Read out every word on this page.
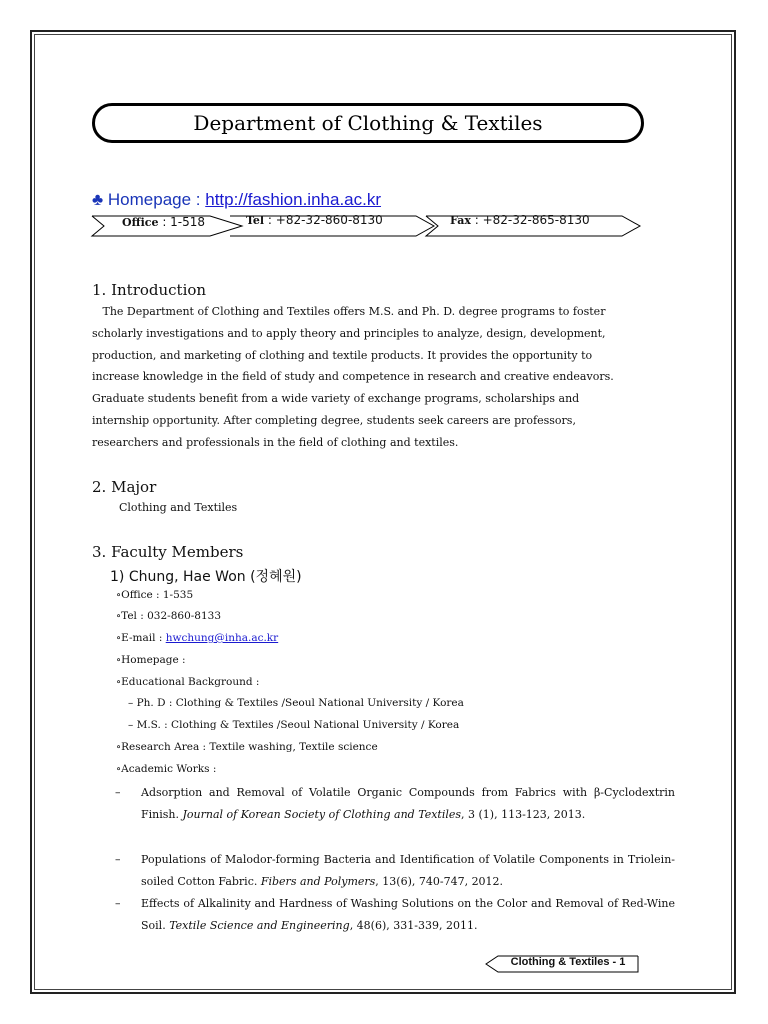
Department of Clothing & Textiles
♣ Homepage : http://fashion.inha.ac.kr
Office : 1-518	Tel : +82-32-860-8130	Fax : +82-32-865-8130
1. Introduction
The Department of Clothing and Textiles offers M.S. and Ph. D. degree programs to foster
scholarly investigations and to apply theory and principles to analyze, design, development,
production, and marketing of clothing and textile products. It provides the opportunity to
increase knowledge in the field of study and competence in research and creative endeavors.
Graduate students benefit from a wide variety of exchange programs, scholarships and
internship opportunity. After completing degree, students seek careers are professors,
researchers and professionals in the field of clothing and textiles.
2. Major
Clothing and Textiles
3. Faculty Members
1) Chung, Hae Won (정혜원)
∘Office : 1-535
∘Tel : 032-860-8133
∘E-mail : hwchung@inha.ac.kr
∘Homepage :
∘Educational Background :
– Ph. D : Clothing & Textiles /Seoul National University / Korea
– M.S. : Clothing & Textiles /Seoul National University / Korea
∘Research Area : Textile washing, Textile science
∘Academic Works :
– Adsorption and Removal of Volatile Organic Compounds from Fabrics with β-Cyclodextrin Finish. Journal of Korean Society of Clothing and Textiles, 3 (1), 113-123, 2013.
– Populations of Malodor-forming Bacteria and Identification of Volatile Components in Triolein-soiled Cotton Fabric. Fibers and Polymers, 13(6), 740-747, 2012.
– Effects of Alkalinity and Hardness of Washing Solutions on the Color and Removal of Red-Wine Soil. Textile Science and Engineering, 48(6), 331-339, 2011.
Clothing & Textiles - 1
